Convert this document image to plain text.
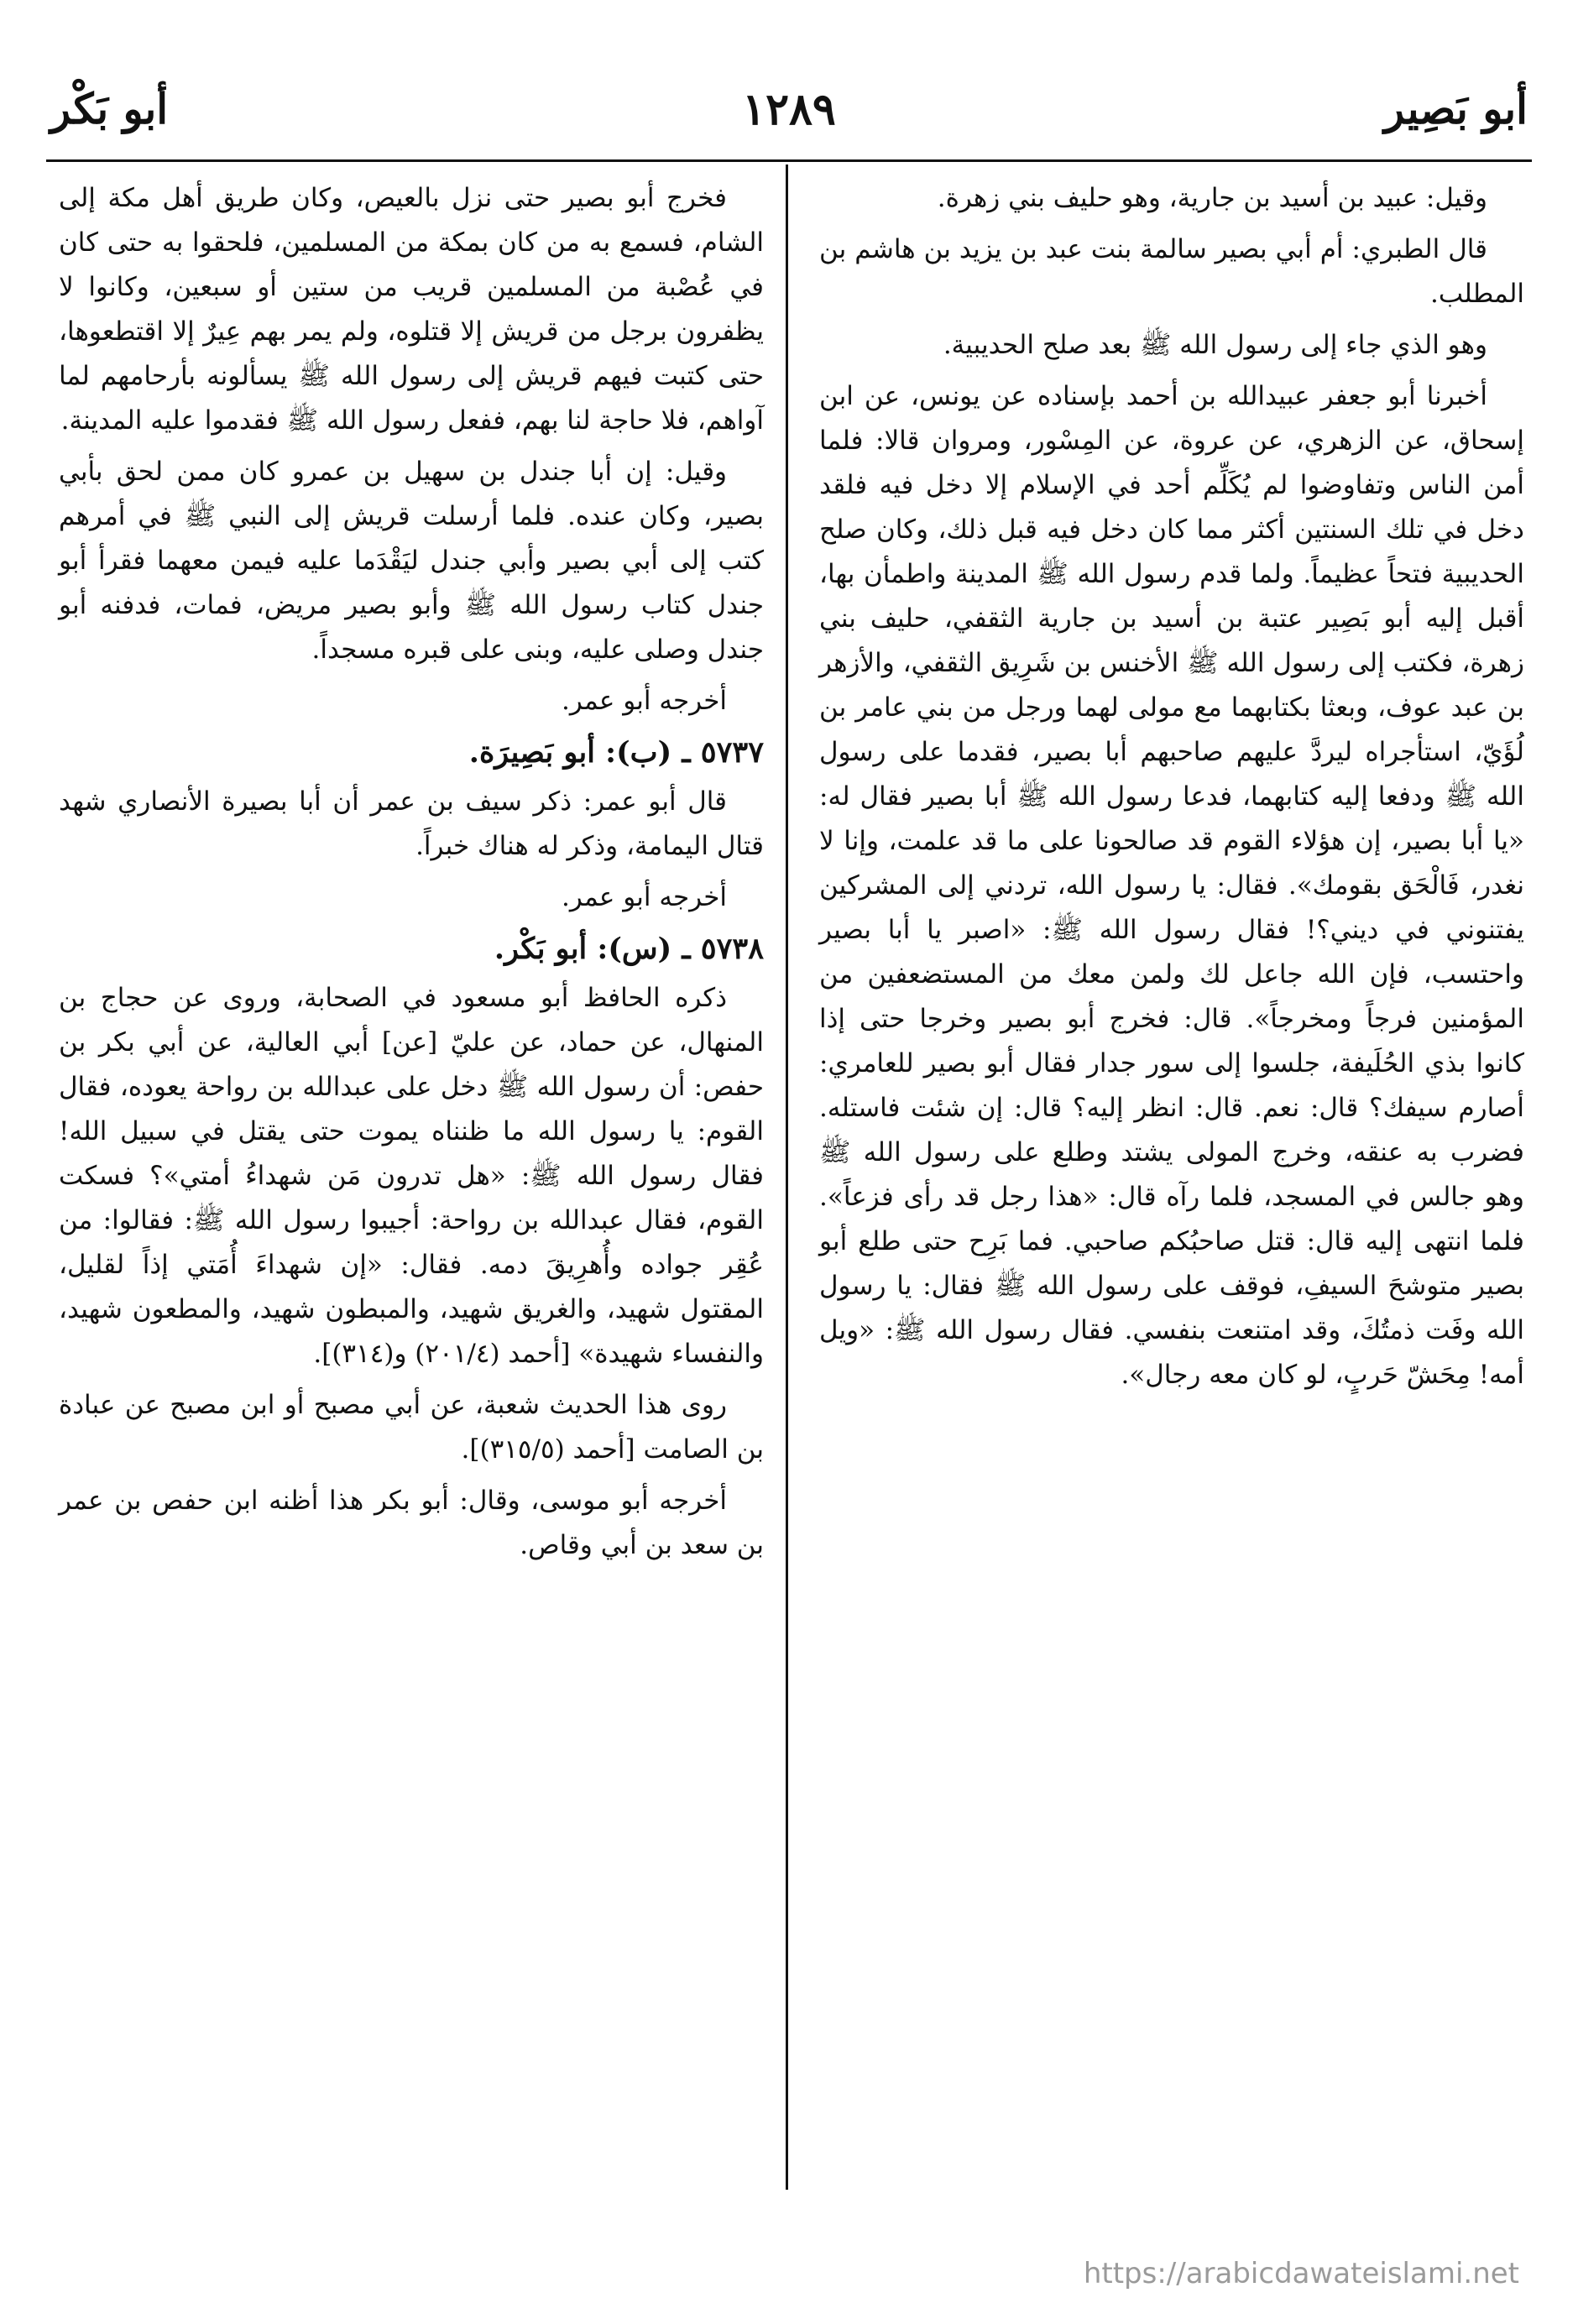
أبو بَصِير
١٢٨٩
أبو بَكْر

وقيل: عبيد بن أسيد بن جارية، وهو حليف بني زهرة.

قال الطبري: أم أبي بصير سالمة بنت عبد بن يزيد بن هاشم بن المطلب.

وهو الذي جاء إلى رسول الله ﷺ بعد صلح الحديبية.

أخبرنا أبو جعفر عبيدالله بن أحمد بإسناده عن يونس، عن ابن إسحاق، عن الزهري، عن عروة، عن المِسْور، ومروان قالا: فلما أمن الناس وتفاوضوا لم يُكَلِّم أحد في الإسلام إلا دخل فيه فلقد دخل في تلك السنتين أكثر مما كان دخل فيه قبل ذلك، وكان صلح الحديبية فتحاً عظيماً. ولما قدم رسول الله ﷺ المدينة واطمأن بها، أقبل إليه أبو بَصِير عتبة بن أسيد بن جارية الثقفي، حليف بني زهرة، فكتب إلى رسول الله ﷺ الأخنس بن شَرِيق الثقفي، والأزهر بن عبد عوف، وبعثا بكتابهما مع مولى لهما ورجل من بني عامر بن لُؤَيّ، استأجراه ليردَّ عليهم صاحبهم أبا بصير، فقدما على رسول الله ﷺ ودفعا إليه كتابهما، فدعا رسول الله ﷺ أبا بصير فقال له: «يا أبا بصير، إن هؤلاء القوم قد صالحونا على ما قد علمت، وإنا لا نغدر، فَالْحَق بقومك». فقال: يا رسول الله، تردني إلى المشركين يفتنوني في ديني؟! فقال رسول الله ﷺ: «اصبر يا أبا بصير واحتسب، فإن الله جاعل لك ولمن معك من المستضعفين من المؤمنين فرجاً ومخرجاً». قال: فخرج أبو بصير وخرجا حتى إذا كانوا بذي الحُلَيفة، جلسوا إلى سور جدار فقال أبو بصير للعامري: أصارم سيفك؟ قال: نعم. قال: انظر إليه؟ قال: إن شئت فاستله. فضرب به عنقه، وخرج المولى يشتد وطلع على رسول الله ﷺ وهو جالس في المسجد، فلما رآه قال: «هذا رجل قد رأى فزعاً». فلما انتهى إليه قال: قتل صاحبُكم صاحبي. فما بَرِح حتى طلع أبو بصير متوشحَ السيفِ، فوقف على رسول الله ﷺ فقال: يا رسول الله وفَت ذمتُكَ، وقد امتنعت بنفسي. فقال رسول الله ﷺ: «ويل أمه! مِحَشّ حَربٍ، لو كان معه رجال».

فخرج أبو بصير حتى نزل بالعيص، وكان طريق أهل مكة إلى الشام، فسمع به من كان بمكة من المسلمين، فلحقوا به حتى كان في عُصْبة من المسلمين قريب من ستين أو سبعين، وكانوا لا يظفرون برجل من قريش إلا قتلوه، ولم يمر بهم عِيرٌ إلا اقتطعوها، حتى كتبت فيهم قريش إلى رسول الله ﷺ يسألونه بأرحامهم لما آواهم، فلا حاجة لنا بهم، ففعل رسول الله ﷺ فقدموا عليه المدينة.

وقيل: إن أبا جندل بن سهيل بن عمرو كان ممن لحق بأبي بصير، وكان عنده. فلما أرسلت قريش إلى النبي ﷺ في أمرهم كتب إلى أبي بصير وأبي جندل ليَقْدَما عليه فيمن معهما فقرأ أبو جندل كتاب رسول الله ﷺ وأبو بصير مريض، فمات، فدفنه أبو جندل وصلى عليه، وبنى على قبره مسجداً.

أخرجه أبو عمر.

٥٧٣٧ ـ (ب): أبو بَصِيرَة.

قال أبو عمر: ذكر سيف بن عمر أن أبا بصيرة الأنصاري شهد قتال اليمامة، وذكر له هناك خبراً.

أخرجه أبو عمر.

٥٧٣٨ ـ (س): أبو بَكْر.

ذكره الحافظ أبو مسعود في الصحابة، وروى عن حجاج بن المنهال، عن حماد، عن عليّ [عن] أبي العالية، عن أبي بكر بن حفص: أن رسول الله ﷺ دخل على عبدالله بن رواحة يعوده، فقال القوم: يا رسول الله ما ظنناه يموت حتى يقتل في سبيل الله! فقال رسول الله ﷺ: «هل تدرون مَن شهداءُ أمتي»؟ فسكت القوم، فقال عبدالله بن رواحة: أجيبوا رسول الله ﷺ: فقالوا: من عُقِر جواده وأُهرِيقَ دمه. فقال: «إن شهداءَ أُمَتي إذاً لقليل، المقتول شهيد، والغريق شهيد، والمبطون شهيد، والمطعون شهيد، والنفساء شهيدة» [أحمد (٢٠١/٤) و(٣١٤)].

روى هذا الحديث شعبة، عن أبي مصبح أو ابن مصبح عن عبادة بن الصامت [أحمد (٣١٥/٥)].

أخرجه أبو موسى، وقال: أبو بكر هذا أظنه ابن حفص بن عمر بن سعد بن أبي وقاص.

https://arabicdawateislami.net
